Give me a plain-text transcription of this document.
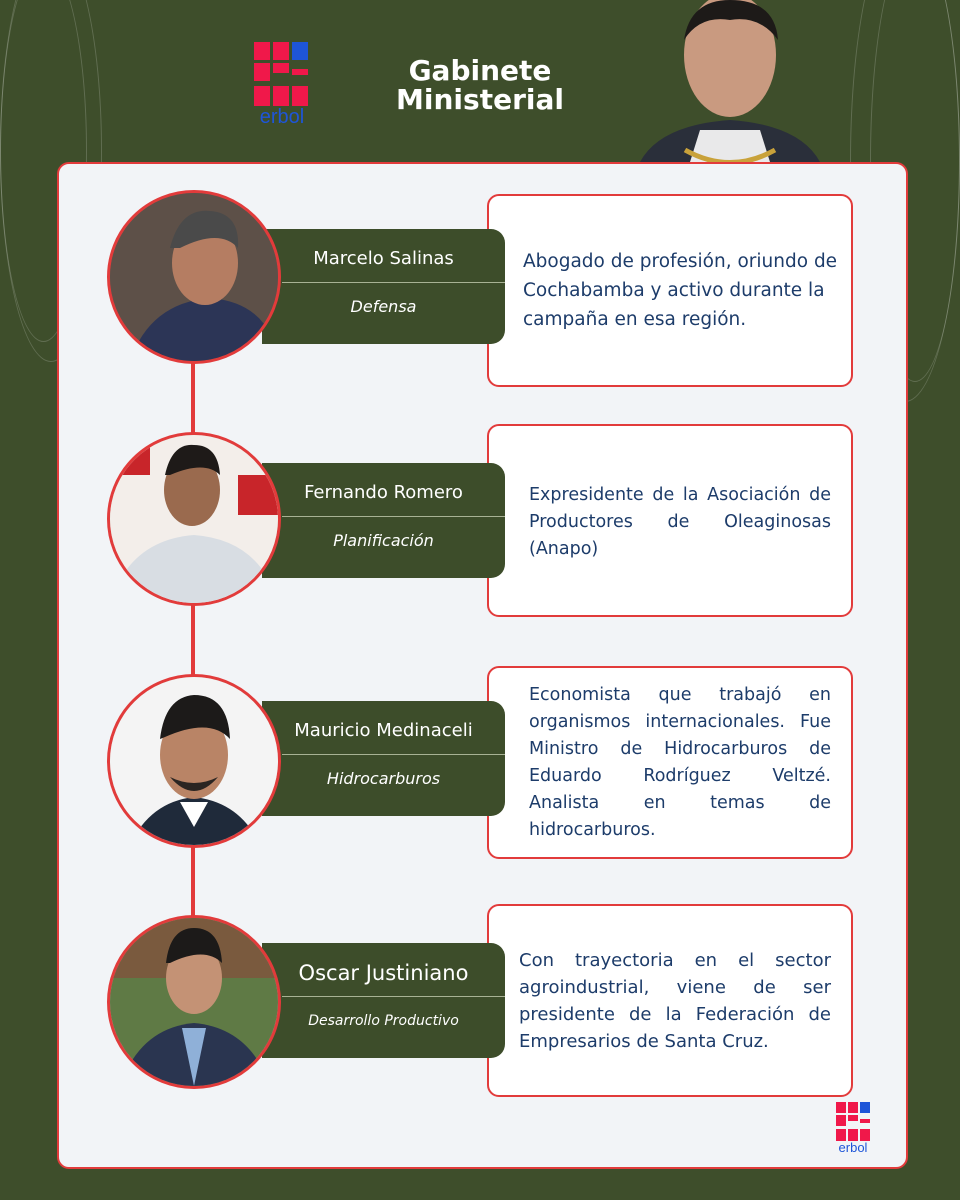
erbol
Gabinete
Ministerial
Marcelo Salinas
Defensa

Abogado de profesión, oriundo de Cochabamba y activo durante la campaña en esa región.

Fernando Romero
Planificación

Expresidente de la Asociación de Productores de Oleaginosas (Anapo)

Mauricio Medinaceli
Hidrocarburos

Economista que trabajó en organismos internacionales. Fue Ministro de Hidrocarburos de Eduardo Rodríguez Veltzé. Analista en temas de hidrocarburos.

Oscar Justiniano
Desarrollo Productivo

Con trayectoria en el sector agroindustrial, viene de ser presidente de la Federación de Empresarios de Santa Cruz.

erbol
